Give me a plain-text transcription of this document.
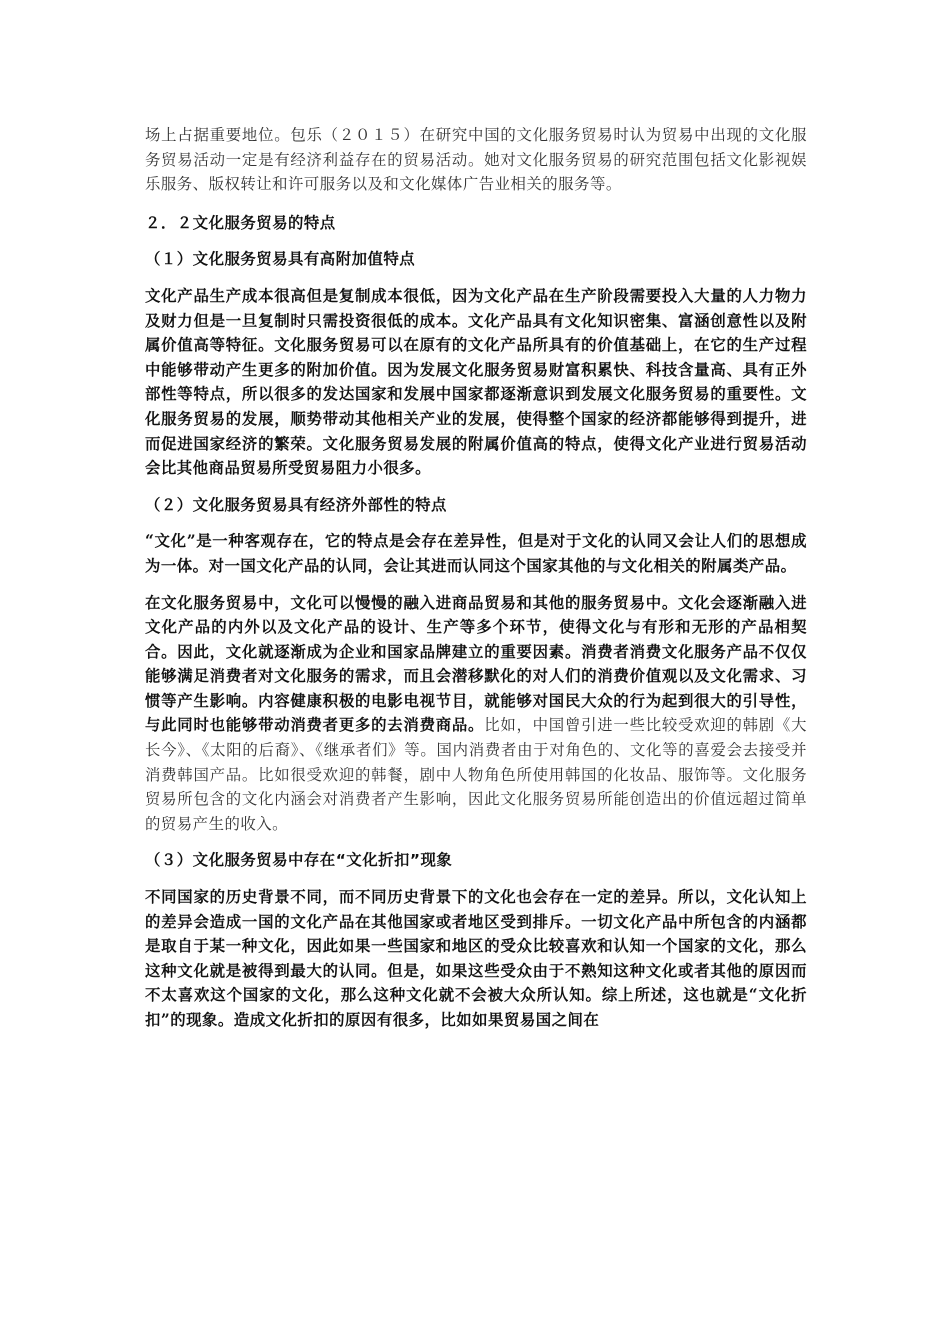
场上占据重要地位。包乐（２０１５）在研究中国的文化服务贸易时认为贸易中出现的文化服务贸易活动一定是有经济利益存在的贸易活动。她对文化服务贸易的研究范围包括文化影视娱乐服务、版权转让和许可服务以及和文化媒体广告业相关的服务等。

２．２文化服务贸易的特点

（１）文化服务贸易具有高附加值特点

文化产品生产成本很高但是复制成本很低，因为文化产品在生产阶段需要投入大量的人力物力及财力但是一旦复制时只需投资很低的成本。文化产品具有文化知识密集、富涵创意性以及附属价值高等特征。文化服务贸易可以在原有的文化产品所具有的价值基础上，在它的生产过程中能够带动产生更多的附加价值。因为发展文化服务贸易财富积累快、科技含量高、具有正外部性等特点，所以很多的发达国家和发展中国家都逐渐意识到发展文化服务贸易的重要性。文化服务贸易的发展，顺势带动其他相关产业的发展，使得整个国家的经济都能够得到提升，进而促进国家经济的繁荣。文化服务贸易发展的附属价值高的特点，使得文化产业进行贸易活动会比其他商品贸易所受贸易阻力小很多。

（２）文化服务贸易具有经济外部性的特点

“文化”是一种客观存在，它的特点是会存在差异性，但是对于文化的认同又会让人们的思想成为一体。对一国文化产品的认同，会让其进而认同这个国家其他的与文化相关的附属类产品。

在文化服务贸易中，文化可以慢慢的融入进商品贸易和其他的服务贸易中。文化会逐渐融入进文化产品的内外以及文化产品的设计、生产等多个环节，使得文化与有形和无形的产品相契合。因此，文化就逐渐成为企业和国家品牌建立的重要因素。消费者消费文化服务产品不仅仅能够满足消费者对文化服务的需求，而且会潜移默化的对人们的消费价值观以及文化需求、习惯等产生影响。内容健康积极的电影电视节目，就能够对国民大众的行为起到很大的引导性，与此同时也能够带动消费者更多的去消费商品。比如，中国曾引进一些比较受欢迎的韩剧《大长今》、《太阳的后裔》、《继承者们》等。国内消费者由于对角色的、文化等的喜爱会去接受并消费韩国产品。比如很受欢迎的韩餐，剧中人物角色所使用韩国的化妆品、服饰等。文化服务贸易所包含的文化内涵会对消费者产生影响，因此文化服务贸易所能创造出的价值远超过简单的贸易产生的收入。

（３）文化服务贸易中存在“文化折扣”现象

不同国家的历史背景不同，而不同历史背景下的文化也会存在一定的差异。所以，文化认知上的差异会造成一国的文化产品在其他国家或者地区受到排斥。一切文化产品中所包含的内涵都是取自于某一种文化，因此如果一些国家和地区的受众比较喜欢和认知一个国家的文化，那么这种文化就是被得到最大的认同。但是，如果这些受众由于不熟知这种文化或者其他的原因而不太喜欢这个国家的文化，那么这种文化就不会被大众所认知。综上所述，这也就是“文化折扣”的现象。造成文化折扣的原因有很多，比如如果贸易国之间在
